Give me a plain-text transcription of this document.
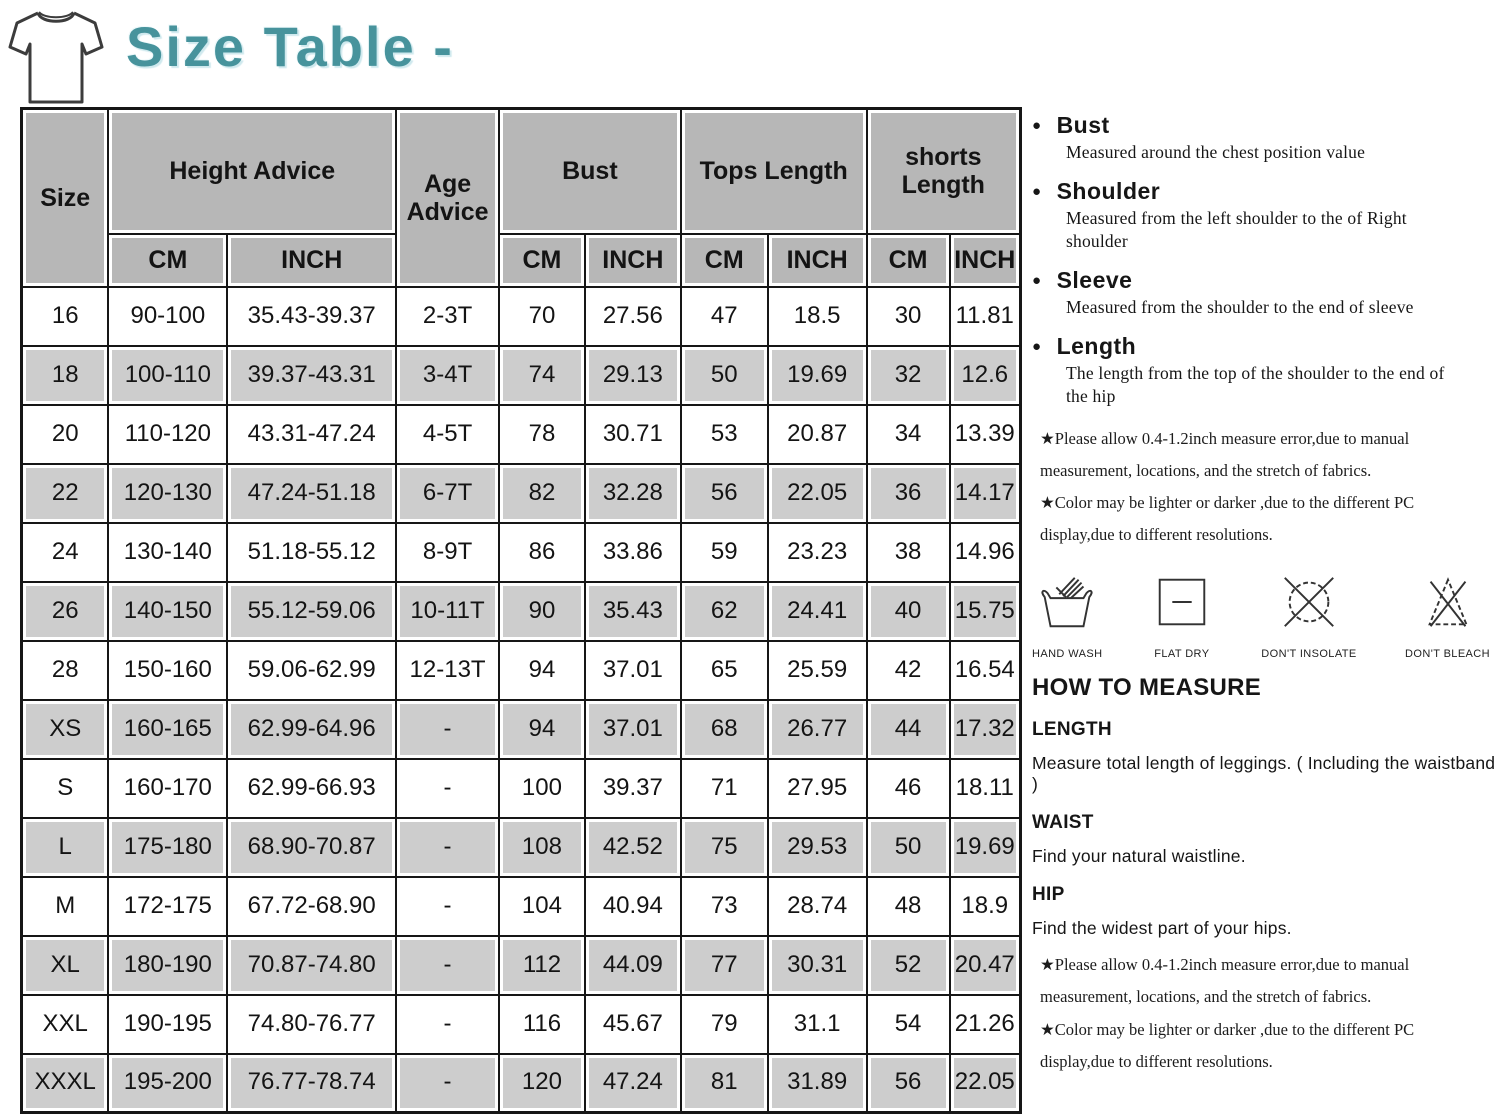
Size Table -
Size	Height Advice		Age Advice	Bust		Tops Length		shorts Length	

CM	INCH		CM	INCH	CM	INCH	CM	INCH

16	90-100	35.43-39.37	2-3T	70	27.56	47	18.5	30	11.81

18	100-110	39.37-43.31	3-4T	74	29.13	50	19.69	32	12.6

20	110-120	43.31-47.24	4-5T	78	30.71	53	20.87	34	13.39

22	120-130	47.24-51.18	6-7T	82	32.28	56	22.05	36	14.17

24	130-140	51.18-55.12	8-9T	86	33.86	59	23.23	38	14.96

26	140-150	55.12-59.06	10-11T	90	35.43	62	24.41	40	15.75

28	150-160	59.06-62.99	12-13T	94	37.01	65	25.59	42	16.54

XS	160-165	62.99-64.96	-	94	37.01	68	26.77	44	17.32

S	160-170	62.99-66.93	-	100	39.37	71	27.95	46	18.11

L	175-180	68.90-70.87	-	108	42.52	75	29.53	50	19.69

M	172-175	67.72-68.90	-	104	40.94	73	28.74	48	18.9

XL	180-190	70.87-74.80	-	112	44.09	77	30.31	52	20.47

XXL	190-195	74.80-76.77	-	116	45.67	79	31.1	54	21.26

XXXL	195-200	76.77-78.74	-	120	47.24	81	31.89	56	22.05
● Bust
Measured around the chest position value
● Shoulder
Measured from the left shoulder to the of Right shoulder
● Sleeve
Measured from the shoulder to the end of sleeve
● Length
The length from the top of the shoulder to the end of the hip
★Please allow 0.4-1.2inch measure error,due to manual measurement, locations, and the stretch of fabrics.
★Color may be lighter or darker ,due to the different PC display,due to different resolutions.
HAND WASH	FLAT DRY	DON'T INSOLATE	DON'T BLEACH
HOW TO MEASURE
LENGTH
Measure total length of leggings. ( Including the waistband )
WAIST
Find your natural waistline.
HIP
Find the widest part of your hips.
★Please allow 0.4-1.2inch measure error,due to manual measurement, locations, and the stretch of fabrics.
★Color may be lighter or darker ,due to the different PC display,due to different resolutions.
